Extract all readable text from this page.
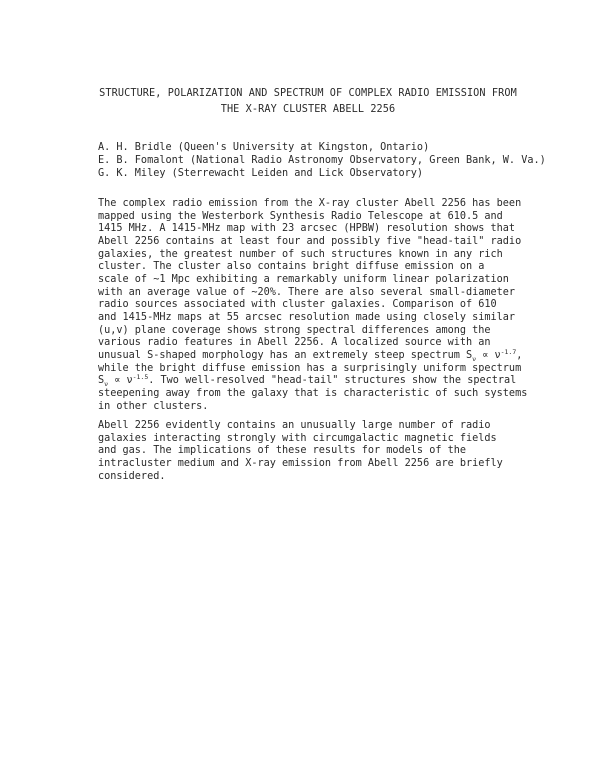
STRUCTURE, POLARIZATION AND SPECTRUM OF COMPLEX RADIO EMISSION FROM
THE X-RAY CLUSTER ABELL 2256
A. H. Bridle (Queen's University at Kingston, Ontario)
E. B. Fomalont (National Radio Astronomy Observatory, Green Bank, W. Va.)
G. K. Miley (Sterrewacht Leiden and Lick Observatory)
The complex radio emission from the X-ray cluster Abell 2256 has been
mapped using the Westerbork Synthesis Radio Telescope at 610.5 and
1415 MHz. A 1415-MHz map with 23 arcsec (HPBW) resolution shows that
Abell 2256 contains at least four and possibly five "head-tail" radio
galaxies, the greatest number of such structures known in any rich
cluster. The cluster also contains bright diffuse emission on a
scale of ~1 Mpc exhibiting a remarkably uniform linear polarization
with an average value of ~20%. There are also several small-diameter
radio sources associated with cluster galaxies. Comparison of 610
and 1415-MHz maps at 55 arcsec resolution made using closely similar
(u,v) plane coverage shows strong spectral differences among the
various radio features in Abell 2256. A localized source with an
unusual S-shaped morphology has an extremely steep spectrum $S_\nu \propto \nu^{-1.7}$,
while the bright diffuse emission has a surprisingly uniform spectrum
$S_\nu \propto \nu^{-1.5}$. Two well-resolved "head-tail" structures show the spectral
steepening away from the galaxy that is characteristic of such systems
in other clusters.
Abell 2256 evidently contains an unusually large number of radio
galaxies interacting strongly with circumgalactic magnetic fields
and gas. The implications of these results for models of the
intracluster medium and X-ray emission from Abell 2256 are briefly
considered.
